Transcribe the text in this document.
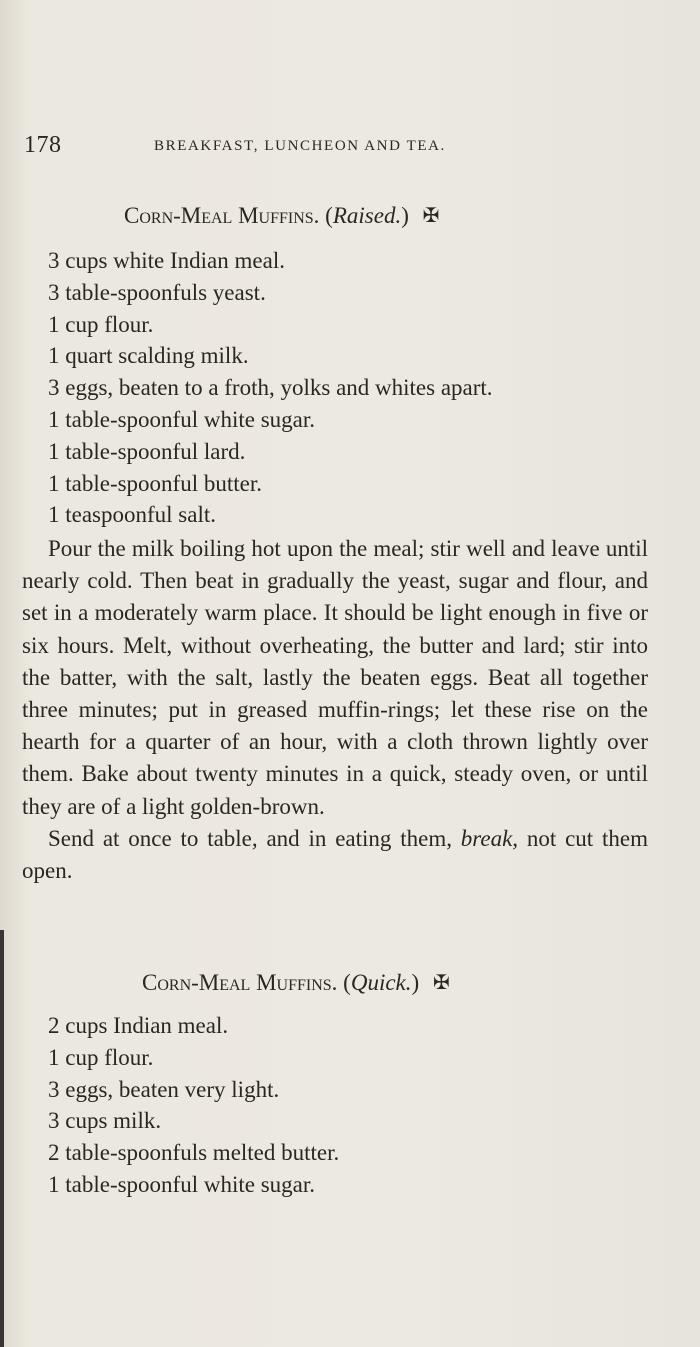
178	BREAKFAST, LUNCHEON AND TEA.
Corn-Meal Muffins. (Raised.) ✠
3 cups white Indian meal.
3 table-spoonfuls yeast.
1 cup flour.
1 quart scalding milk.
3 eggs, beaten to a froth, yolks and whites apart.
1 table-spoonful white sugar.
1 table-spoonful lard.
1 table-spoonful butter.
1 teaspoonful salt.

Pour the milk boiling hot upon the meal; stir well and leave until nearly cold. Then beat in gradually the yeast, sugar and flour, and set in a moderately warm place. It should be light enough in five or six hours. Melt, without overheating, the butter and lard; stir into the batter, with the salt, lastly the beaten eggs. Beat all together three minutes; put in greased muffin-rings; let these rise on the hearth for a quarter of an hour, with a cloth thrown lightly over them. Bake about twenty minutes in a quick, steady oven, or until they are of a light golden-brown.

Send at once to table, and in eating them, break, not cut them open.

Corn-Meal Muffins. (Quick.) ✠
2 cups Indian meal.
1 cup flour.
3 eggs, beaten very light.
3 cups milk.
2 table-spoonfuls melted butter.
1 table-spoonful white sugar.
